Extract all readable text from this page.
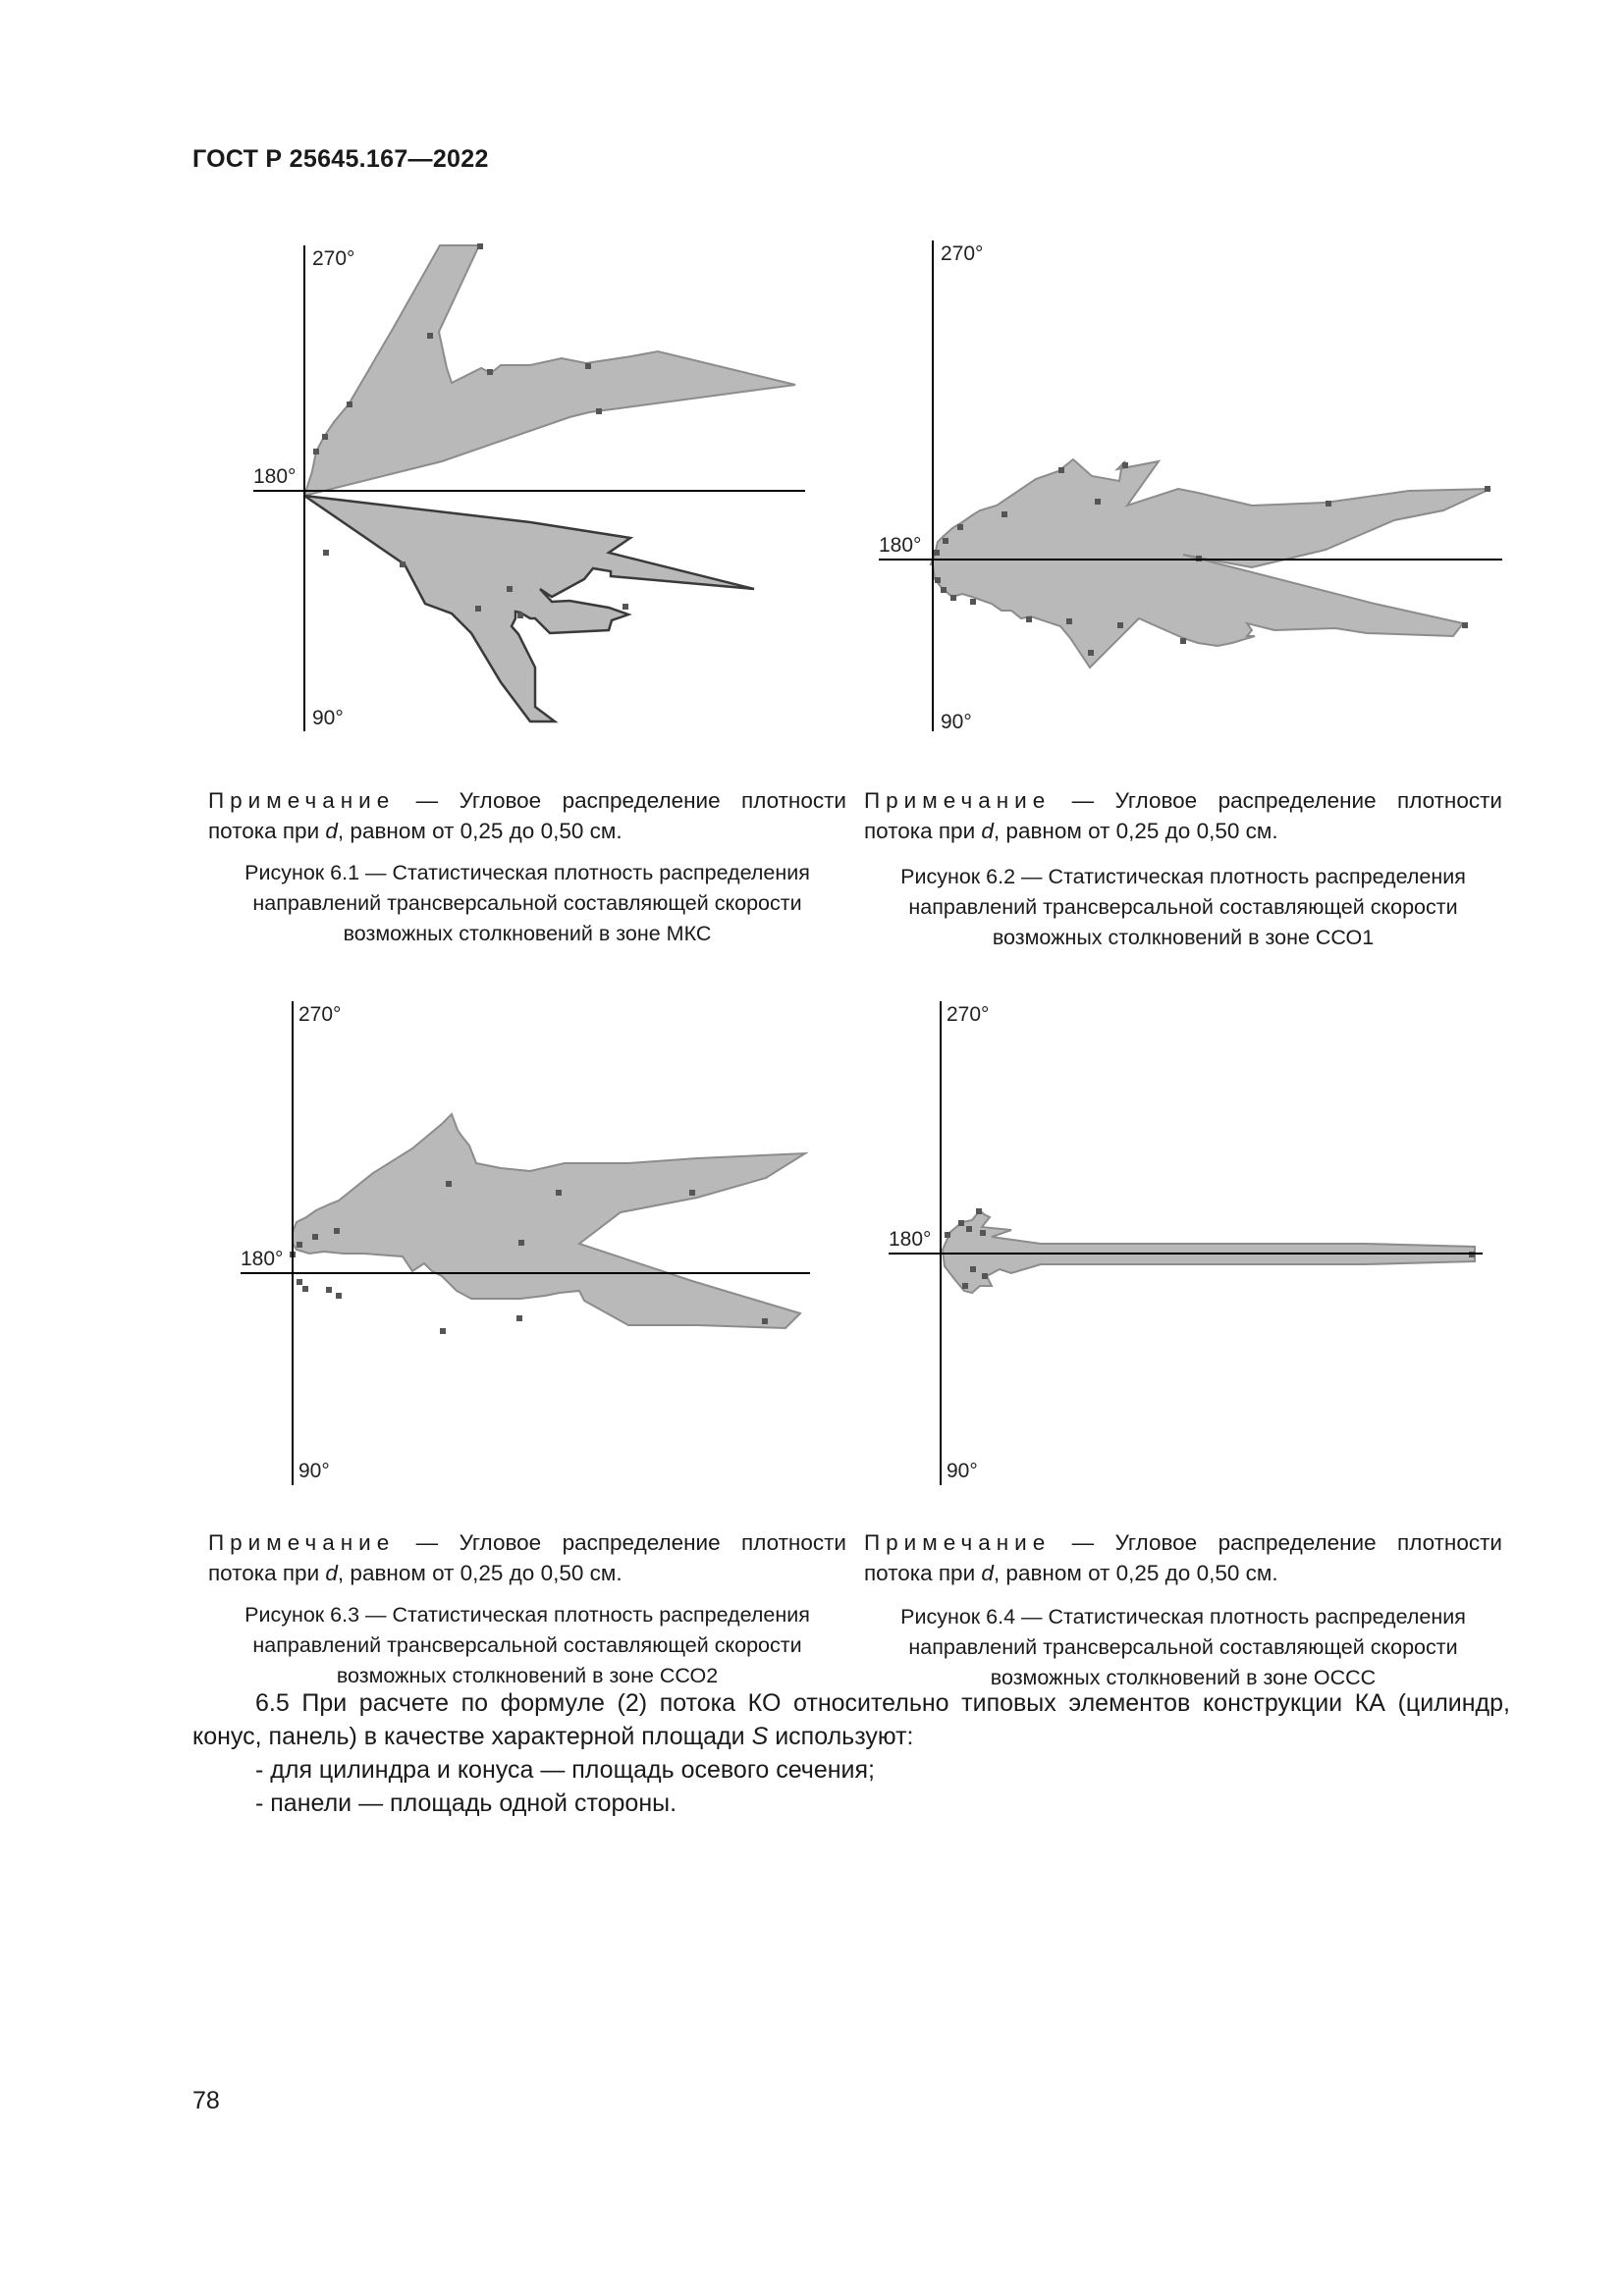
ГОСТ Р 25645.167—2022
270°
180°
90°
270°
180°
90°
270°
180°
90°
270°
180°
90°
Примечание — Угловое распределение плотности потока при d, равном от 0,25 до 0,50 см.
Рисунок 6.1 — Статистическая плотность распределения направлений трансверсальной составляющей скорости возможных столкновений в зоне МКС
Примечание — Угловое распределение плотности потока при d, равном от 0,25 до 0,50 см.
Рисунок 6.2 — Статистическая плотность распределения направлений трансверсальной составляющей скорости возможных столкновений в зоне ССО1
Примечание — Угловое распределение плотности потока при d, равном от 0,25 до 0,50 см.
Рисунок 6.3 — Статистическая плотность распределения направлений трансверсальной составляющей скорости возможных столкновений в зоне ССО2
Примечание — Угловое распределение плотности потока при d, равном от 0,25 до 0,50 см.
Рисунок 6.4 — Статистическая плотность распределения направлений трансверсальной составляющей скорости возможных столкновений в зоне ОССС

6.5 При расчете по формуле (2) потока КО относительно типовых элементов конструкции КА (цилиндр, конус, панель) в качестве характерной площади S используют:

- для цилиндра и конуса — площадь осевого сечения;

- панели — площадь одной стороны.

78
